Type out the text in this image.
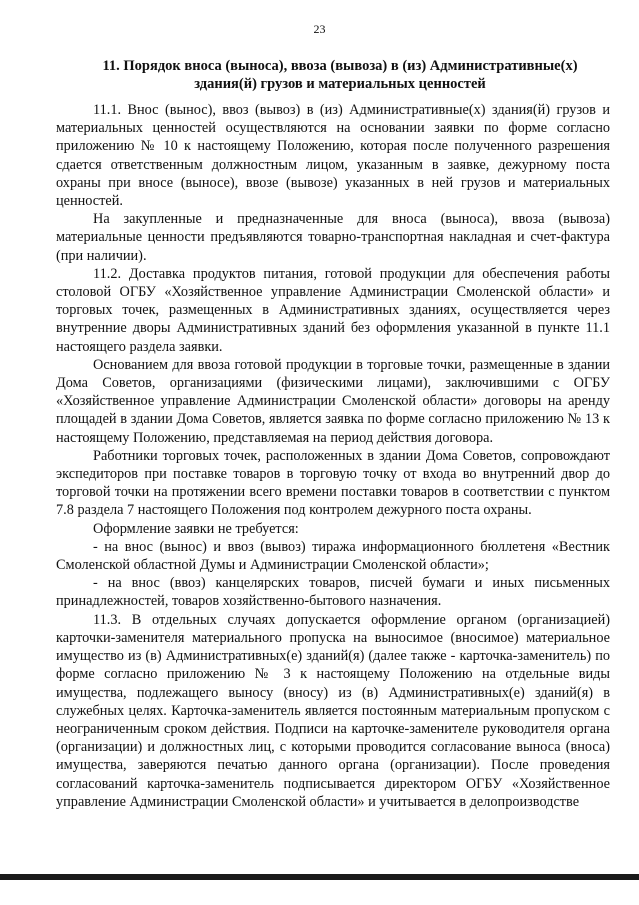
23
11. Порядок вноса (выноса), ввоза (вывоза) в (из) Административные(х)
здания(й) грузов и материальных ценностей

11.1. Внос (вынос), ввоз (вывоз) в (из) Административные(х) здания(й) грузов и материальных ценностей осуществляются на основании заявки по форме согласно приложению № 10 к настоящему Положению, которая после полученного разрешения сдается ответственным должностным лицом, указанным в заявке, дежурному поста охраны при вносе (выносе), ввозе (вывозе) указанных в ней грузов и материальных ценностей.

На закупленные и предназначенные для вноса (выноса), ввоза (вывоза) материальные ценности предъявляются товарно-транспортная накладная и счет-фактура (при наличии).

11.2. Доставка продуктов питания, готовой продукции для обеспечения работы столовой ОГБУ «Хозяйственное управление Администрации Смоленской области» и торговых точек, размещенных в Административных зданиях, осуществляется через внутренние дворы Административных зданий без оформления указанной в пункте 11.1 настоящего раздела заявки.

Основанием для ввоза готовой продукции в торговые точки, размещенные в здании Дома Советов, организациями (физическими лицами), заключившими с ОГБУ «Хозяйственное управление Администрации Смоленской области» договоры на аренду площадей в здании Дома Советов, является заявка по форме согласно приложению № 13 к настоящему Положению, представляемая на период действия договора.

Работники торговых точек, расположенных в здании Дома Советов, сопровождают экспедиторов при поставке товаров в торговую точку от входа во внутренний двор до торговой точки на протяжении всего времени поставки товаров в соответствии с пунктом 7.8 раздела 7 настоящего Положения под контролем дежурного поста охраны.

Оформление заявки не требуется:

- на внос (вынос) и ввоз (вывоз) тиража информационного бюллетеня «Вестник Смоленской областной Думы и Администрации Смоленской области»;

- на внос (ввоз) канцелярских товаров, писчей бумаги и иных письменных принадлежностей, товаров хозяйственно-бытового назначения.

11.3. В отдельных случаях допускается оформление органом (организацией) карточки-заменителя материального пропуска на выносимое (вносимое) материальное имущество из (в) Административных(е) зданий(я) (далее также - карточка-заменитель) по форме согласно приложению № 3 к настоящему Положению на отдельные виды имущества, подлежащего выносу (вносу) из (в) Административных(е) зданий(я) в служебных целях. Карточка-заменитель является постоянным материальным пропуском с неограниченным сроком действия. Подписи на карточке-заменителе руководителя органа (организации) и должностных лиц, с которыми проводится согласование выноса (вноса) имущества, заверяются печатью данного органа (организации). После проведения согласований карточка-заменитель подписывается директором ОГБУ «Хозяйственное управление Администрации Смоленской области» и учитывается в делопроизводстве
